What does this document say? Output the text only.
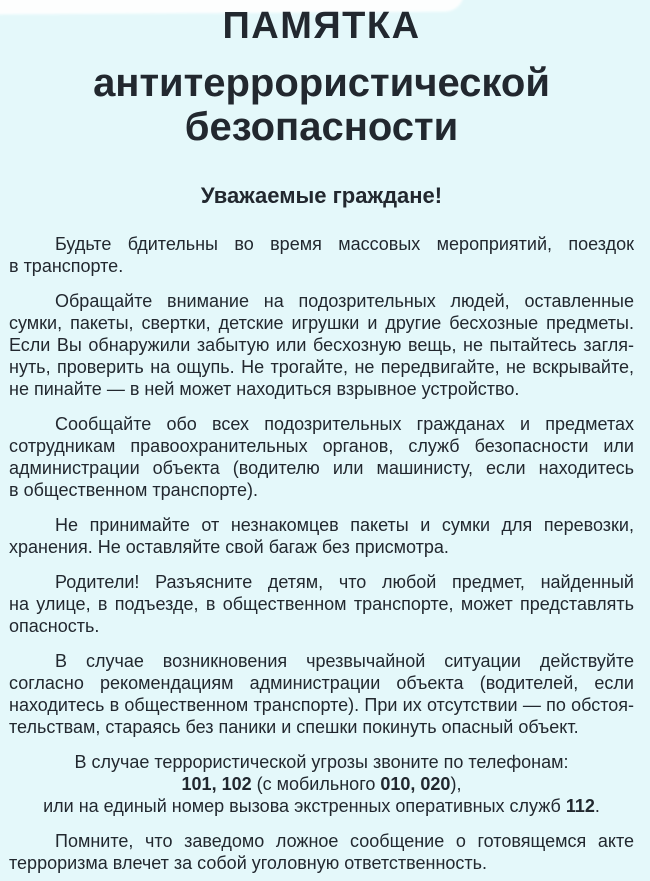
ПАМЯТКА
антитеррористической
безопасности
Уважаемые граждане!
Будьте бдительны во время массовых мероприятий, поездок
в транспорте.
Обращайте внимание на подозрительных людей, оставленные
сумки, пакеты, свертки, детские игрушки и другие бесхозные предметы.
Если Вы обнаружили забытую или бесхозную вещь, не пытайтесь загля-
нуть, проверить на ощупь. Не трогайте, не передвигайте, не вскрывайте,
не пинайте — в ней может находиться взрывное устройство.
Сообщайте обо всех подозрительных гражданах и предметах
сотрудникам правоохранительных органов, служб безопасности или
администрации объекта (водителю или машинисту, если находитесь
в общественном транспорте).
Не принимайте от незнакомцев пакеты и сумки для перевозки,
хранения. Не оставляйте свой багаж без присмотра.
Родители! Разъясните детям, что любой предмет, найденный
на улице, в подъезде, в общественном транспорте, может представлять
опасность.
В случае возникновения чрезвычайной ситуации действуйте
согласно рекомендациям администрации объекта (водителей, если
находитесь в общественном транспорте). При их отсутствии — по обстоя-
тельствам, стараясь без паники и спешки покинуть опасный объект.
В случае террористической угрозы звоните по телефонам:
101, 102 (с мобильного 010, 020),
или на единый номер вызова экстренных оперативных служб 112.
Помните, что заведомо ложное сообщение о готовящемся акте
терроризма влечет за собой уголовную ответственность.
